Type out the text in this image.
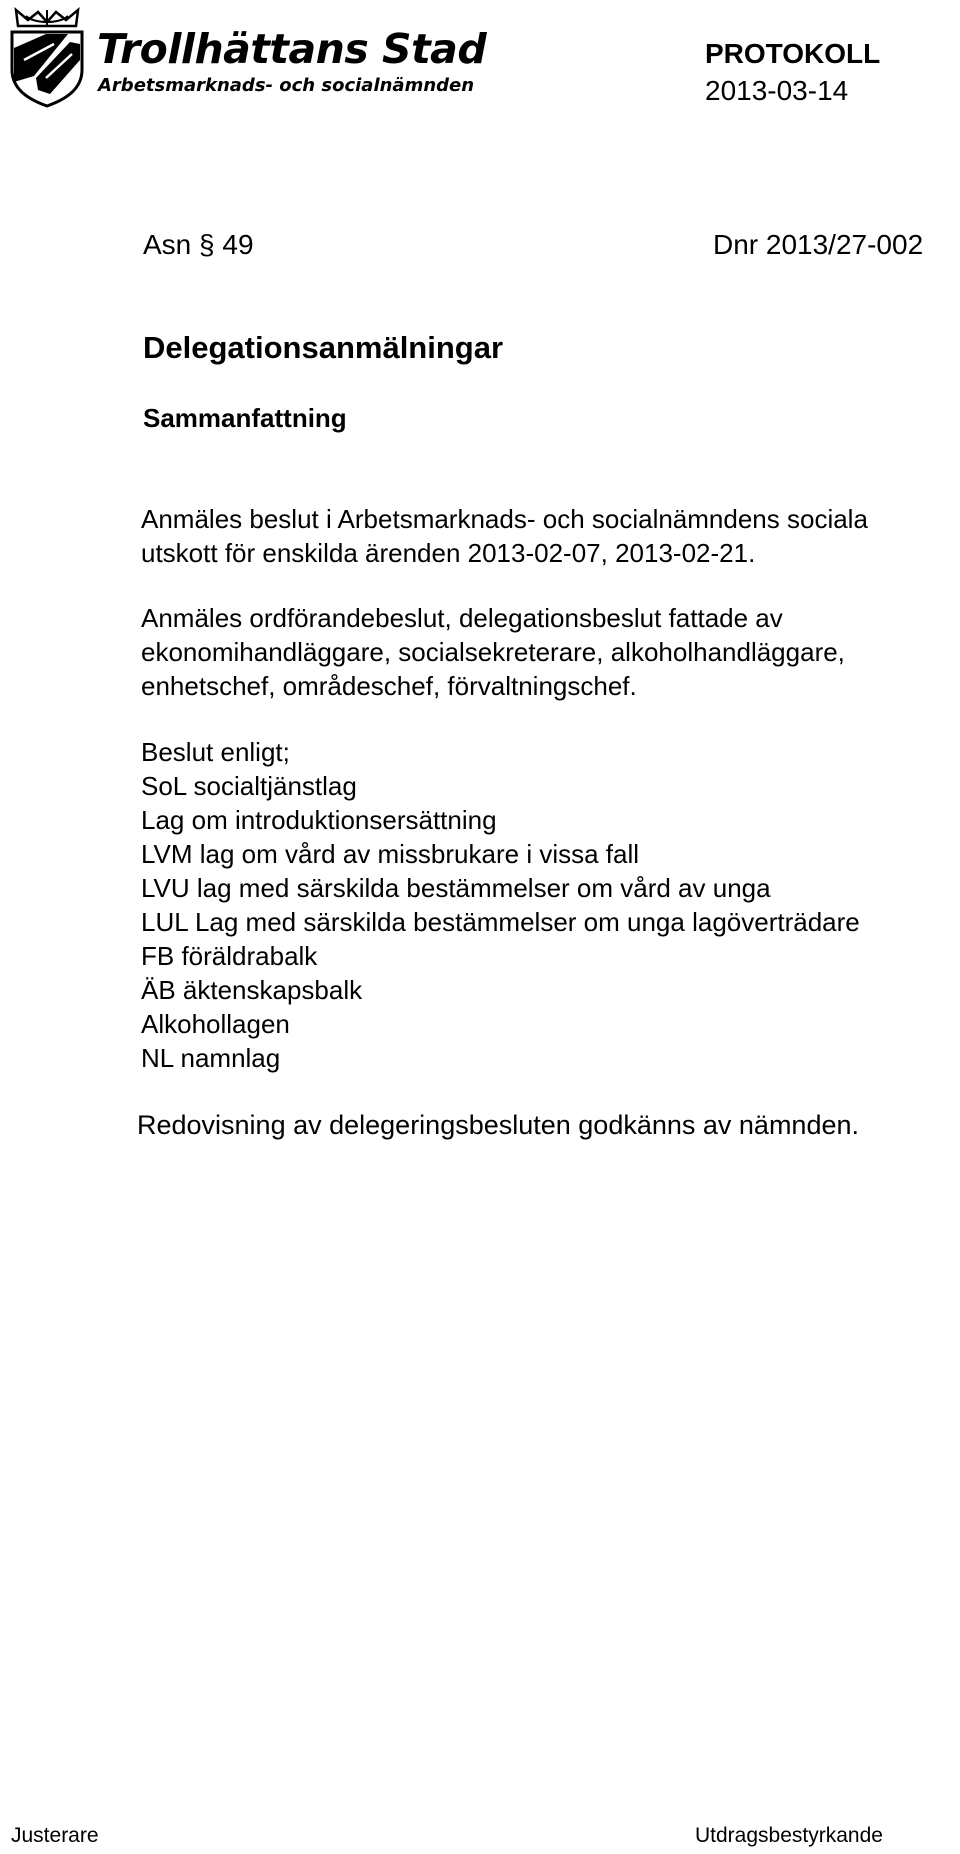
Trollhättans Stad
Arbetsmarknads- och socialnämnden
PROTOKOLL
2013-03-14
Asn § 49	Dnr 2013/27-002
Delegationsanmälningar
Sammanfattning
Anmäles beslut i Arbetsmarknads- och socialnämndens sociala
utskott för enskilda ärenden 2013-02-07, 2013-02-21.
Anmäles ordförandebeslut, delegationsbeslut fattade av
ekonomihandläggare, socialsekreterare, alkoholhandläggare,
enhetschef, områdeschef, förvaltningschef.
Beslut enligt;
SoL socialtjänstlag
Lag om introduktionsersättning
LVM lag om vård av missbrukare i vissa fall
LVU lag med särskilda bestämmelser om vård av unga
LUL Lag med särskilda bestämmelser om unga lagöverträdare
FB föräldrabalk
ÄB äktenskapsbalk
Alkohollagen
NL namnlag
Redovisning av delegeringsbesluten godkänns av nämnden.
Justerare	Utdragsbestyrkande
